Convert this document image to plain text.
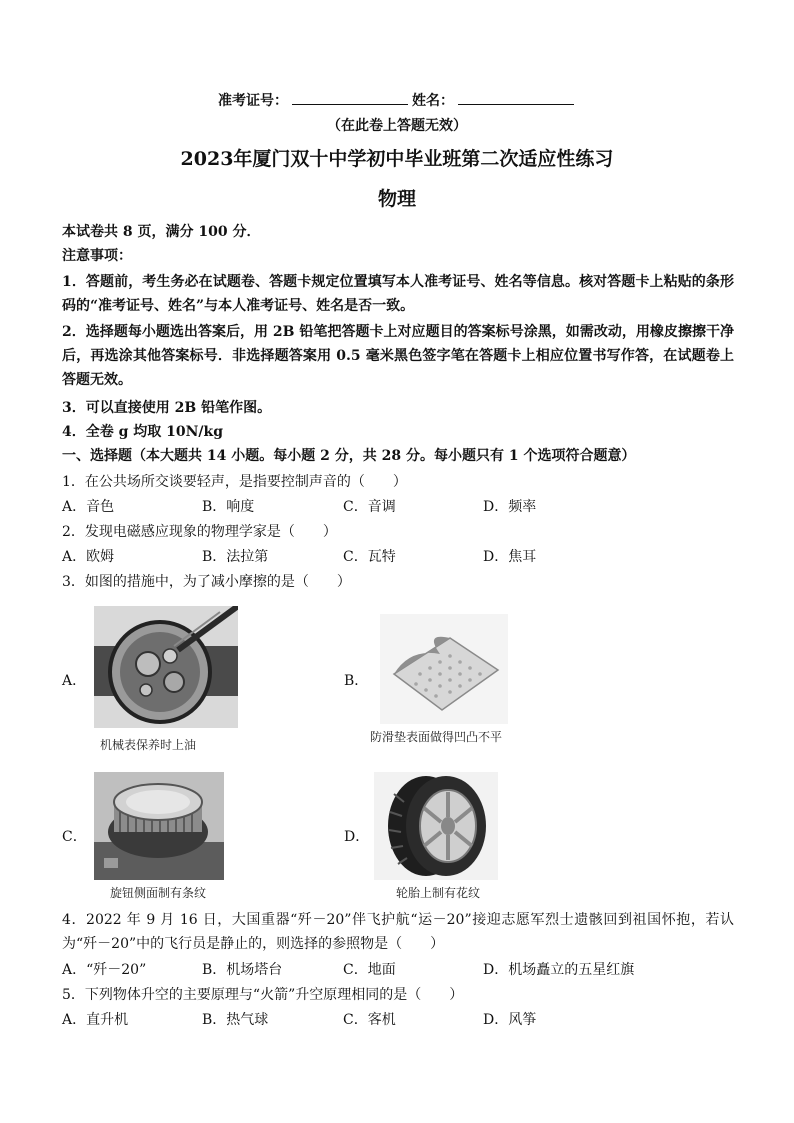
准考证号：	姓名：
（在此卷上答题无效）
2023年厦门双十中学初中毕业班第二次适应性练习
物理
本试卷共 8 页，满分 100 分．
注意事项：
1．答题前，考生务必在试题卷、答题卡规定位置填写本人准考证号、姓名等信息。核对答题卡上粘贴的条形码的“准考证号、姓名”与本人准考证号、姓名是否一致。
2．选择题每小题选出答案后，用 2B 铅笔把答题卡上对应题目的答案标号涂黑，如需改动，用橡皮擦擦干净后，再选涂其他答案标号．非选择题答案用 0.5 毫米黑色签字笔在答题卡上相应位置书写作答，在试题卷上答题无效。
3．可以直接使用 2B 铅笔作图。
4．全卷 g 均取 10N/kg
一、选择题（本大题共 14 小题。每小题 2 分，共 28 分。每小题只有 1 个选项符合题意）
1．在公共场所交谈要轻声，是指要控制声音的（　　）
A．音色	B．响度	C．音调	D．频率
2．发现电磁感应现象的物理学家是（　　）
A．欧姆	B．法拉第	C．瓦特	D．焦耳
3．如图的措施中，为了减小摩擦的是（　　）
A．
机械表保养时上油
B．
防滑垫表面做得凹凸不平
C．
旋钮侧面制有条纹
D．
轮胎上制有花纹
4．2022 年 9 月 16 日，大国重器“歼－20”伴飞护航“运－20”接迎志愿军烈士遗骸回到祖国怀抱，若认为“歼－20”中的飞行员是静止的，则选择的参照物是（　　）
A．“歼－20”	B．机场塔台	C．地面	D．机场矗立的五星红旗
5．下列物体升空的主要原理与“火箭”升空原理相同的是（　　）
A．直升机	B．热气球	C．客机	D．风筝
